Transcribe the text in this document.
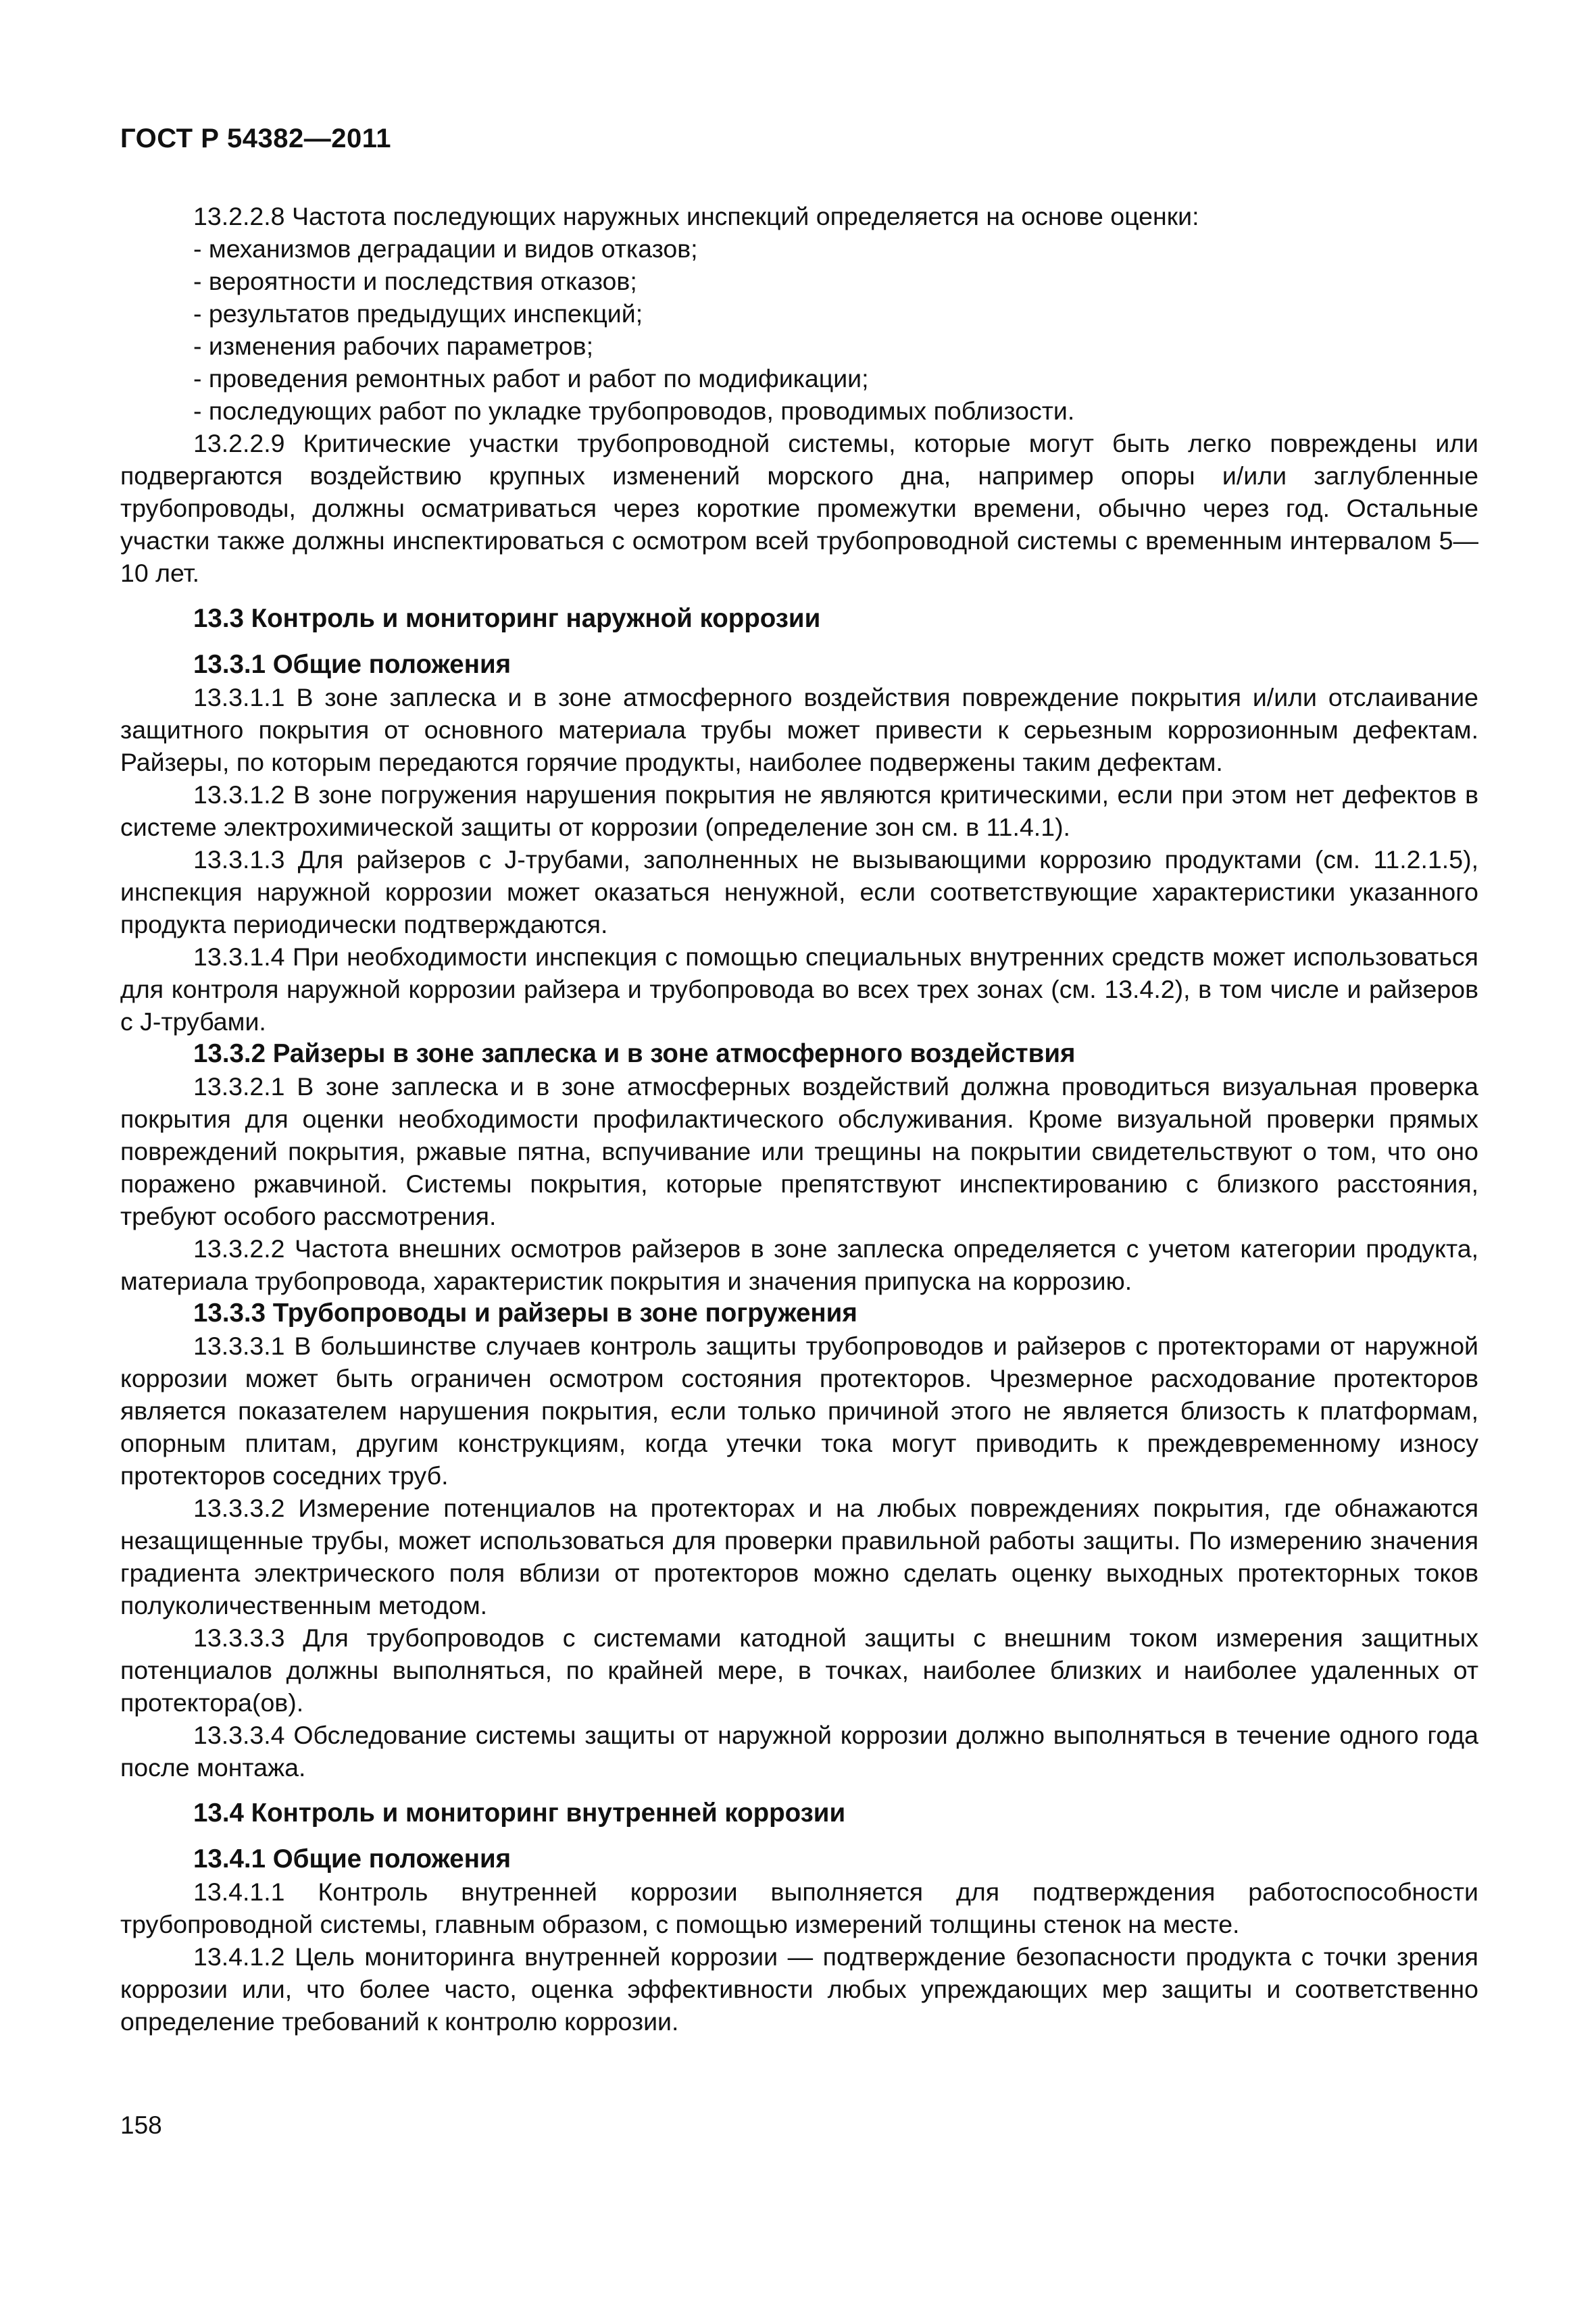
ГОСТ Р 54382—2011

13.2.2.8 Частота последующих наружных инспекций определяется на основе оценки:

- механизмов деградации и видов отказов;

- вероятности и последствия отказов;

- результатов предыдущих инспекций;

- изменения рабочих параметров;

- проведения ремонтных работ и работ по модификации;

- последующих работ по укладке трубопроводов, проводимых поблизости.

13.2.2.9 Критические участки трубопроводной системы, которые могут быть легко повреждены или подвергаются воздействию крупных изменений морского дна, например опоры и/или заглубленные трубопроводы, должны осматриваться через короткие промежутки времени, обычно через год. Остальные участки также должны инспектироваться с осмотром всей трубопроводной системы с временным интервалом 5—10 лет.

13.3 Контроль и мониторинг наружной коррозии
13.3.1 Общие положения

13.3.1.1 В зоне заплеска и в зоне атмосферного воздействия повреждение покрытия и/или отслаивание защитного покрытия от основного материала трубы может привести к серьезным коррозионным дефектам. Райзеры, по которым передаются горячие продукты, наиболее подвержены таким дефектам.

13.3.1.2 В зоне погружения нарушения покрытия не являются критическими, если при этом нет дефектов в системе электрохимической защиты от коррозии (определение зон см. в 11.4.1).

13.3.1.3 Для райзеров с J-трубами, заполненных не вызывающими коррозию продуктами (см. 11.2.1.5), инспекция наружной коррозии может оказаться ненужной, если соответствующие характеристики указанного продукта периодически подтверждаются.

13.3.1.4 При необходимости инспекция с помощью специальных внутренних средств может использоваться для контроля наружной коррозии райзера и трубопровода во всех трех зонах (см. 13.4.2), в том числе и райзеров с J-трубами.

13.3.2 Райзеры в зоне заплеска и в зоне атмосферного воздействия

13.3.2.1 В зоне заплеска и в зоне атмосферных воздействий должна проводиться визуальная проверка покрытия для оценки необходимости профилактического обслуживания. Кроме визуальной проверки прямых повреждений покрытия, ржавые пятна, вспучивание или трещины на покрытии свидетельствуют о том, что оно поражено ржавчиной. Системы покрытия, которые препятствуют инспектированию с близкого расстояния, требуют особого рассмотрения.

13.3.2.2 Частота внешних осмотров райзеров в зоне заплеска определяется с учетом категории продукта, материала трубопровода, характеристик покрытия и значения припуска на коррозию.

13.3.3 Трубопроводы и райзеры в зоне погружения

13.3.3.1 В большинстве случаев контроль защиты трубопроводов и райзеров с протекторами от наружной коррозии может быть ограничен осмотром состояния протекторов. Чрезмерное расходование протекторов является показателем нарушения покрытия, если только причиной этого не является близость к платформам, опорным плитам, другим конструкциям, когда утечки тока могут приводить к преждевременному износу протекторов соседних труб.

13.3.3.2 Измерение потенциалов на протекторах и на любых повреждениях покрытия, где обнажаются незащищенные трубы, может использоваться для проверки правильной работы защиты. По измерению значения градиента электрического поля вблизи от протекторов можно сделать оценку выходных протекторных токов полуколичественным методом.

13.3.3.3 Для трубопроводов с системами катодной защиты с внешним током измерения защитных потенциалов должны выполняться, по крайней мере, в точках, наиболее близких и наиболее удаленных от протектора(ов).

13.3.3.4 Обследование системы защиты от наружной коррозии должно выполняться в течение одного года после монтажа.

13.4 Контроль и мониторинг внутренней коррозии
13.4.1 Общие положения

13.4.1.1 Контроль внутренней коррозии выполняется для подтверждения работоспособности трубопроводной системы, главным образом, с помощью измерений толщины стенок на месте.

13.4.1.2 Цель мониторинга внутренней коррозии — подтверждение безопасности продукта с точки зрения коррозии или, что более часто, оценка эффективности любых упреждающих мер защиты и соответственно определение требований к контролю коррозии.

158
